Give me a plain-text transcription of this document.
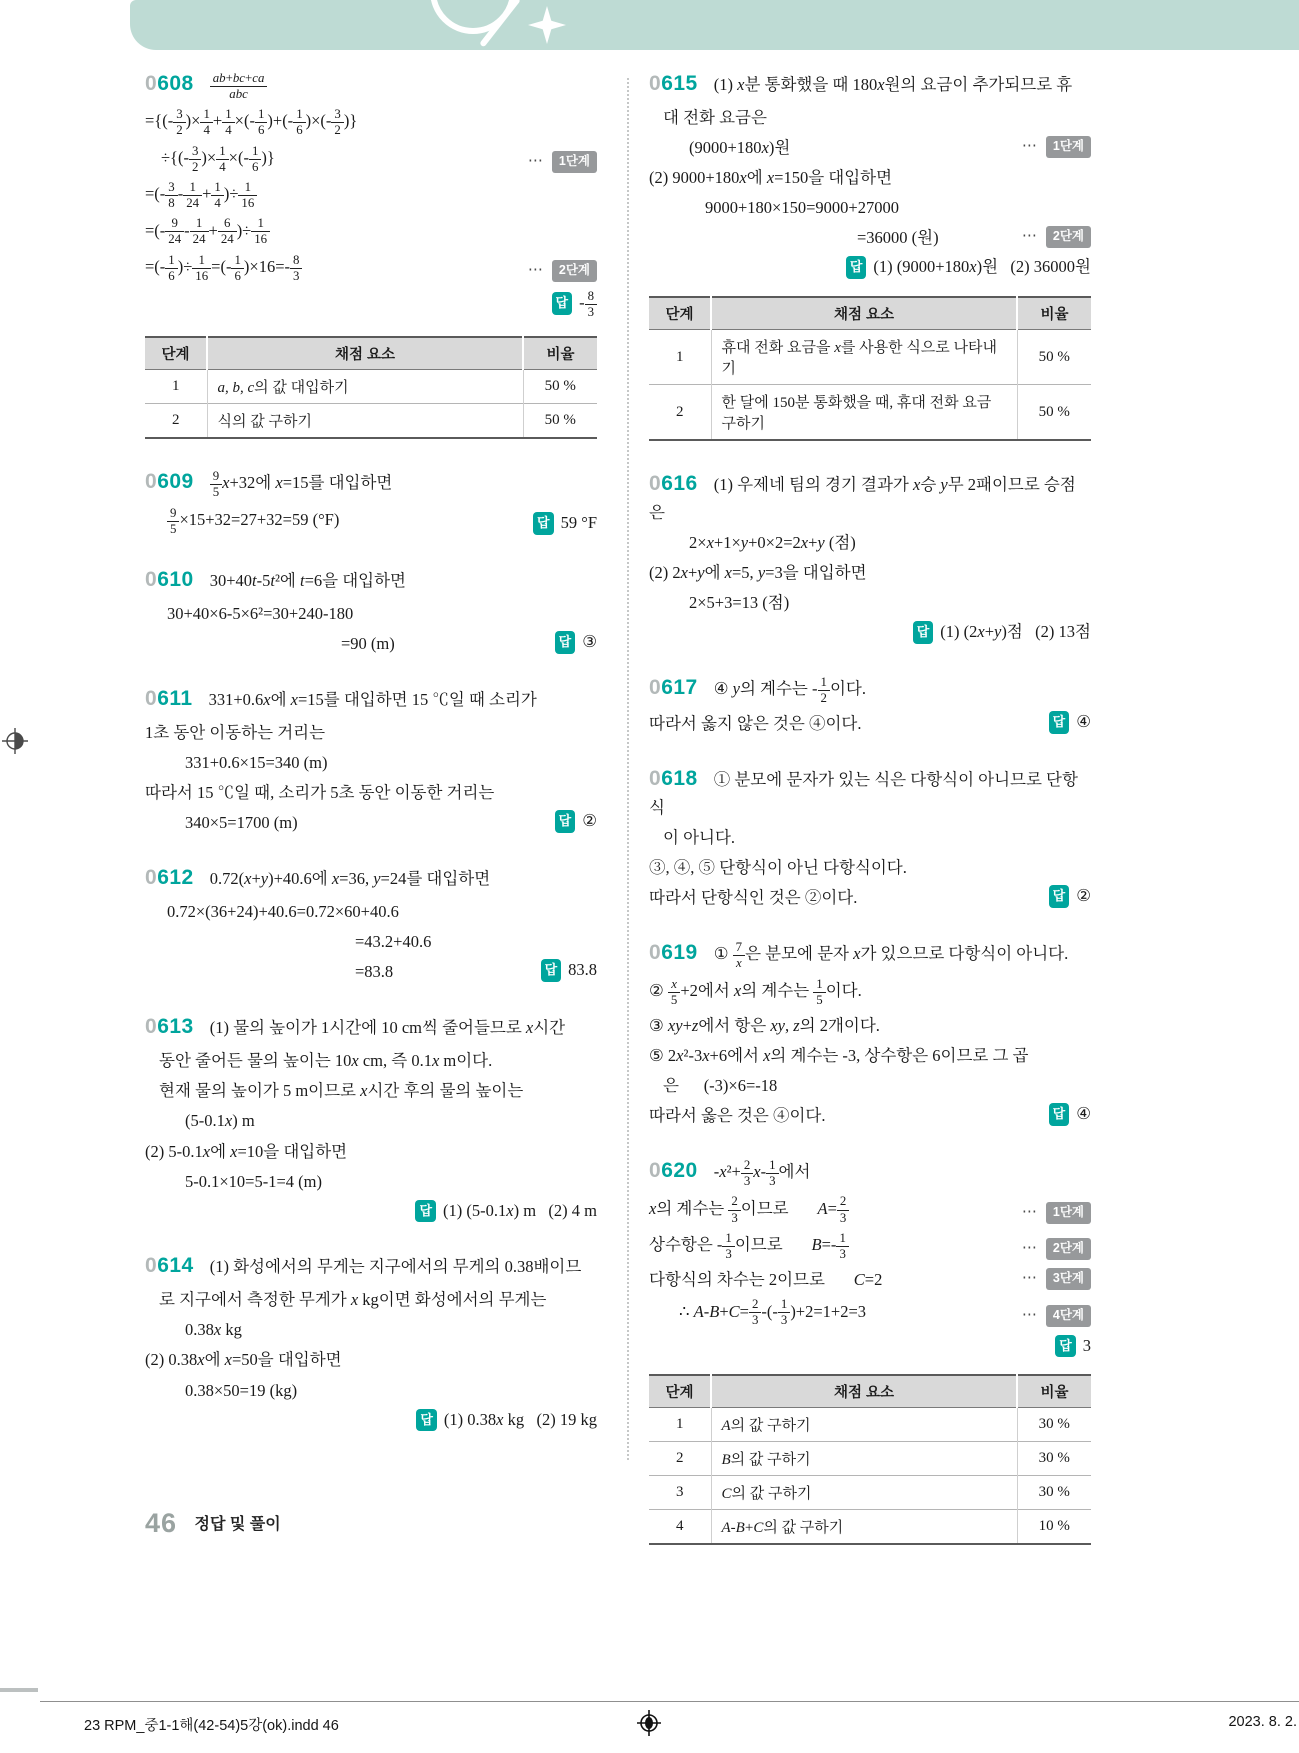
$0608 \frac{ab+bc+ca}{\text{abc}}$
={(- $\frac{3}{2}$ )× $\frac{1}{4} + \frac{1}{4}$ ×(- $\frac{1}{6}$ )+(- $\frac{1}{6}$ )×(- $\frac{3}{2}$ )}
÷{(- $\frac{3}{2}$ )× $\frac{1}{4}$ ×(- $\frac{1}{6}$ )}	⋯ 1단계
=(- $\frac{3}{8} - \frac{1}{24} + \frac{1}{4}$ )÷ $\frac{1}{16}$
=(- $\frac{9}{24} - \frac{1}{24} + \frac{6}{24}$ )÷ $\frac{1}{16}$
=(- $\frac{1}{6}$ )÷ $\frac{1}{16}$ =(- $\frac{1}{6} )\times 16=- \frac{8}{3}$	⋯ 2단계
답 - $\frac{8}{3}$
단계	채점 요소	비율
1	a, b, c의 값 대입하기	50 %
2	식의 값 구하기	50 %
$0609 \frac{9}{5} x+32$에 x=15를 대입하면
$\frac{9}{5} \times 15+32=27+32=59$ (°F)	답 59 °F
0610 30+40t-5t²에 t=6을 대입하면
30+40×6-5×6²=30+240-180
=90 (m)	답 ③
0611 331+0.6x에 x=15를 대입하면 15 ℃일 때 소리가
1초 동안 이동하는 거리는
331+0.6×15=340 (m)
따라서 15 ℃일 때, 소리가 5초 동안 이동한 거리는
340×5=1700 (m)	답 ②
0612 0.72(x+y)+40.6에 x=36, y=24를 대입하면
0.72×(36+24)+40.6=0.72×60+40.6
=43.2+40.6
=83.8	답 83.8
0613 (1) 물의 높이가 1시간에 10 cm씩 줄어들므로 x시간
동안 줄어든 물의 높이는 10x cm, 즉 0.1x m이다.
현재 물의 높이가 5 m이므로 x시간 후의 물의 높이는
(5-0.1x) m
(2) 5-0.1x에 x=10을 대입하면
5-0.1×10=5-1=4 (m)
답 (1) (5-0.1x) m   (2) 4 m
0614 (1) 화성에서의 무게는 지구에서의 무게의 0.38배이므
로 지구에서 측정한 무게가 x kg이면 화성에서의 무게는
0.38x kg
(2) 0.38x에 x=50을 대입하면
0.38×50=19 (kg)
답 (1) 0.38x kg   (2) 19 kg
0615 (1) x분 통화했을 때 180x원의 요금이 추가되므로 휴
대 전화 요금은
(9000+180x)원	⋯ 1단계
(2) 9000+180x에 x=150을 대입하면
9000+180×150=9000+27000
=36000 (원)	⋯ 2단계
답 (1) (9000+180x)원   (2) 36000원
단계	채점 요소	비율
1	휴대 전화 요금을 x를 사용한 식으로 나타내기	50 %
2	한 달에 150분 통화했을 때, 휴대 전화 요금 구하기	50 %
0616 (1) 우제네 팀의 경기 결과가 x승 y무 2패이므로 승점은
2×x+1×y+0×2=2x+y (점)
(2) 2x+y에 x=5, y=3을 대입하면
2×5+3=13 (점)
답 (1) (2x+y)점   (2) 13점
0617 ④ y의 계수는 - $\frac{1}{2}$ 이다.
따라서 옳지 않은 것은 ④이다.	답 ④
0618 ① 분모에 문자가 있는 식은 다항식이 아니므로 단항식
이 아니다.
③, ④, ⑤ 단항식이 아닌 다항식이다.
따라서 단항식인 것은 ②이다.	답 ②
0619 ① $\frac{7}{x}$ 은 분모에 문자 x가 있으므로 다항식이 아니다.
② $\frac{x}{5} +2$에서 x의 계수는 $\frac{1}{5}$ 이다.
③ xy+z에서 항은 xy, z의 2개이다.
⑤ 2x²-3x+6에서 x의 계수는 -3, 상수항은 6이므로 그 곱
은      (-3)×6=-18
따라서 옳은 것은 ④이다.	답 ④
0620 $-x^2+ \frac{2}{3} x- \frac{1}{3}$ 에서
x의 계수는 $\frac{2}{3}$ 이므로       $A= \frac{2}{3}$	⋯ 1단계
상수항은 - $\frac{1}{3}$ 이므로       $B=- \frac{1}{3}$	⋯ 2단계
다항식의 차수는 2이므로       C=2	⋯ 3단계
∴ $A-B+C= \frac{2}{3}$ -(- $\frac{1}{3} )+2=1+2=3$	⋯ 4단계
답 3
단계	채점 요소	비율
1	A의 값 구하기	30 %
2	B의 값 구하기	30 %
3	C의 값 구하기	30 %
4	A-B+C의 값 구하기	10 %
46 정답 및 풀이
23 RPM_중1-1해(42-54)5강(ok).indd 46	2023. 8. 2.
